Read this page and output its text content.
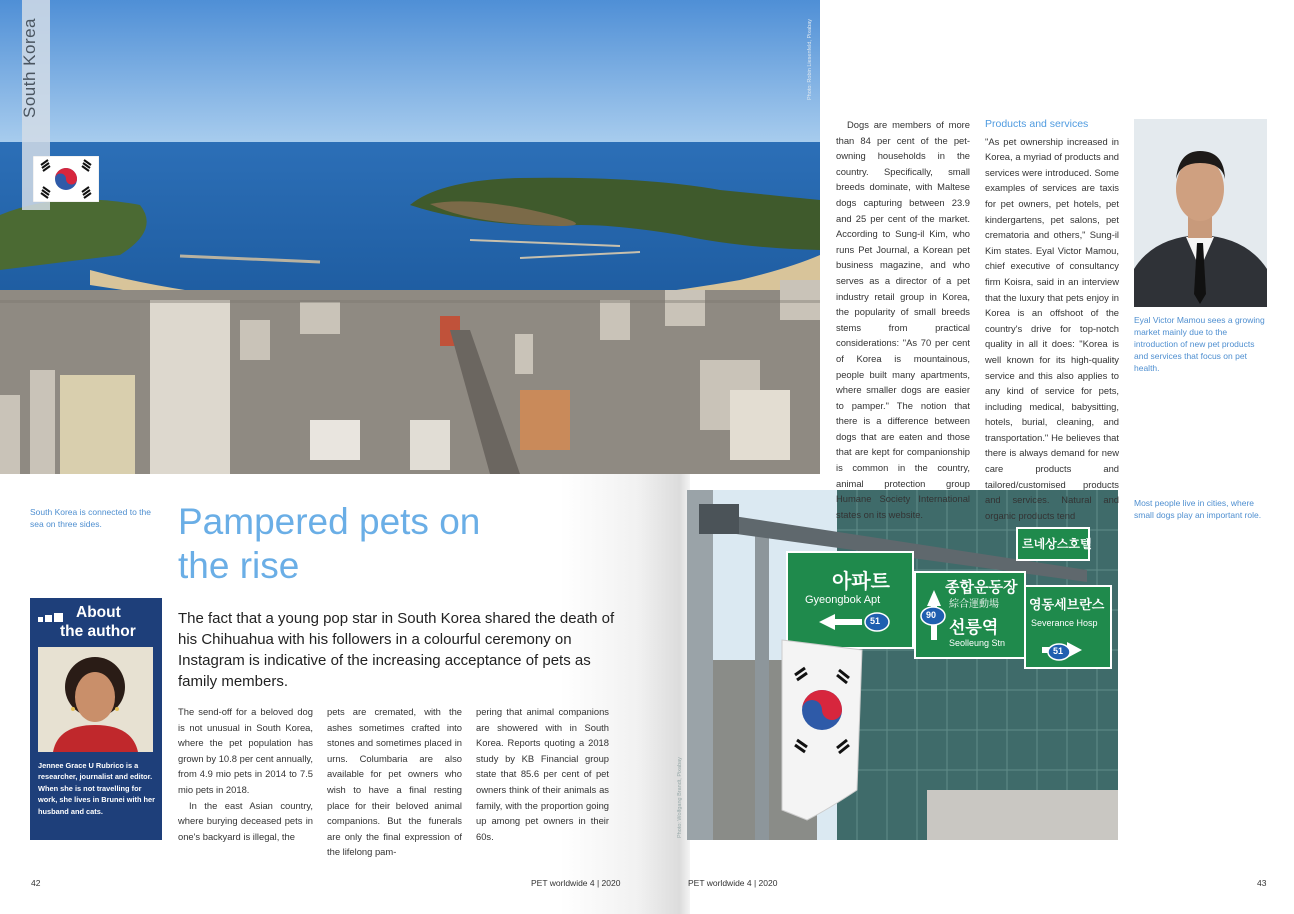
South Korea	Photo: Robin Liesenfeld, Pixabay
South Korea is connected to the sea on three sides.	Pampered pets on
the rise
The fact that a young pop star in South Korea shared the death of his Chihuahua with his followers in a colourful ceremony on Instagram is indicative of the increasing acceptance of pets as family members.
About
the author
Jennee Grace U Rubrico is a researcher, journalist and editor. When she is not travelling for work, she lives in Brunei with her husband and cats.

The send-off for a beloved dog is not unusual in South Korea, where the pet population has grown by 10.8 per cent annually, from 4.9 mio pets in 2014 to 7.5 mio pets in 2018.

In the east Asian country, where burying deceased pets in one's backyard is illegal, the

pets are cremated, with the ashes sometimes crafted into stones and sometimes placed in urns. Columbaria are also available for pet owners who wish to have a final resting place for their beloved animal companions. But the funerals are only the final expression of the lifelong pam-

pering that animal companions are showered with in South Korea. Reports quoting a 2018 study by KB Financial group state that 85.6 per cent of pet owners think of their animals as family, with the proportion going up among pet owners in their 60s.	Photo: Wolfgang Brandt, Pixabay
르네상스호텔
아파트
Gyeongbok Apt
종합운동장
綜合運動場
선릉역
Seolleung Stn
영동세브란스
Severance Hosp
51
90
51

Dogs are members of more than 84 per cent of the pet-owning households in the country. Specifically, small breeds dominate, with Maltese dogs capturing between 23.9 and 25 per cent of the market. According to Sung-il Kim, who runs Pet Journal, a Korean pet business magazine, and who serves as a director of a pet industry retail group in Korea, the popularity of small breeds stems from practical considerations: "As 70 per cent of Korea is mountainous, people built many apartments, where smaller dogs are easier to pamper." The notion that there is a difference between dogs that are eaten and those that are kept for companionship is common in the country, animal protection group Humane Society International states on its website.

Products and services

"As pet ownership increased in Korea, a myriad of products and services were introduced. Some examples of services are taxis for pet owners, pet hotels, pet kindergartens, pet salons, pet crematoria and others," Sung-il Kim states. Eyal Victor Mamou, chief executive of consultancy firm Koisra, said in an interview that the luxury that pets enjoy in Korea is an offshoot of the country's drive for top-notch quality in all it does: "Korea is well known for its high-quality service and this also applies to any kind of service for pets, including medical, babysitting, hotels, burial, cleaning, and transportation." He believes that there is always demand for new care products and tailored/customised products and services. Natural and organic products tend

Eyal Victor Mamou sees a growing market mainly due to the introduction of new pet products and services that focus on pet health.
Most people live in cities, where small dogs play an important role.
42	PET worldwide 4 | 2020	PET worldwide 4 | 2020	43
